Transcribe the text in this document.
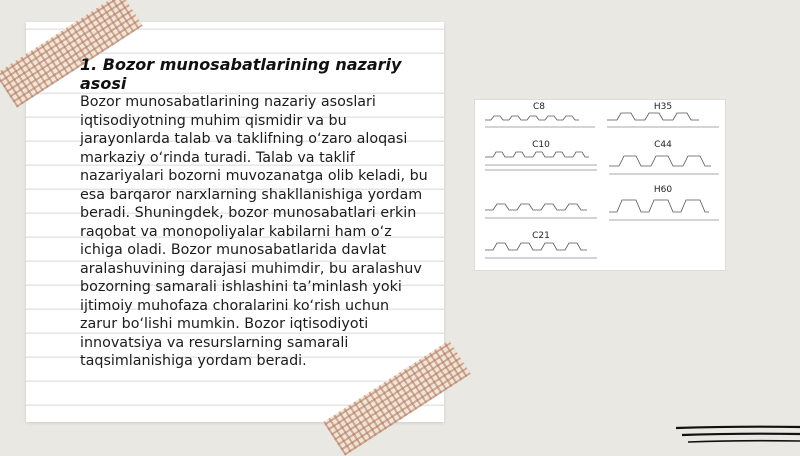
1. Bozor munosabatlarining nazariy asosi

Bozor munosabatlarining nazariy asoslari iqtisodiyotning muhim qismidir va bu jarayonlarda talab va taklifning o‘zaro aloqasi markaziy o‘rinda turadi. Talab va taklif nazariyalari bozorni muvozanatga olib keladi, bu esa barqaror narxlarning shakllanishiga yordam beradi. Shuningdek, bozor munosabatlari erkin raqobat va monopoliyalar kabilarni ham o‘z ichiga oladi. Bozor munosabatlarida davlat aralashuvining darajasi muhimdir, bu aralashuv bozorning samarali ishlashini ta’minlash yoki ijtimoiy muhofaza choralarini ko‘rish uchun zarur bo‘lishi mumkin. Bozor iqtisodiyoti innovatsiya va resurslarning samarali taqsimlanishiga yordam beradi.

C8	H35
C10	C44
H60
C21
